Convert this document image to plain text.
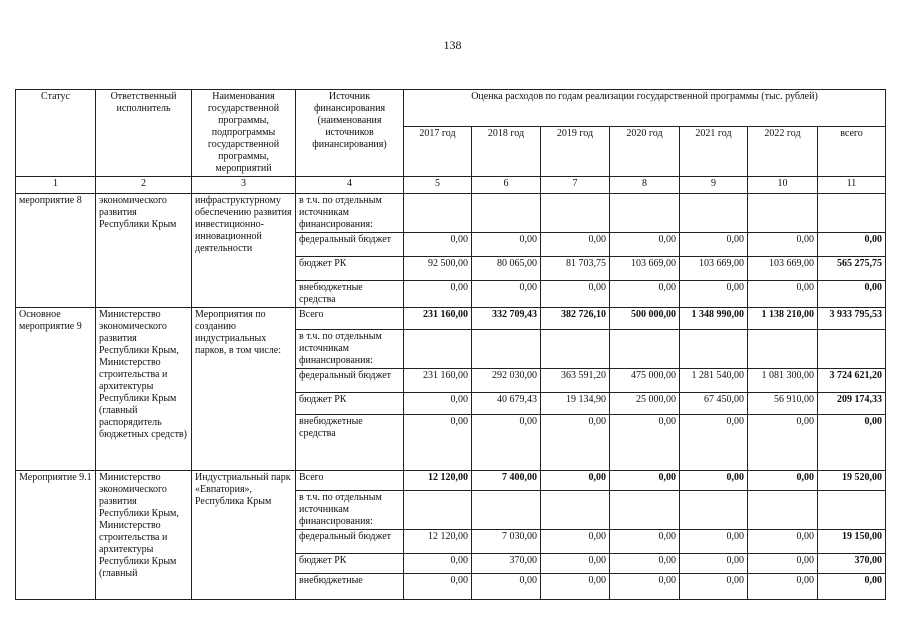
138
Статус	Ответственный исполнитель	Наименования государственной программы, подпрограммы государственной программы, мероприятий	Источник финансирования (наименования источников финансирования)	Оценка расходов по годам реализации государственной программы (тыс. рублей)						
				2017 год	2018 год	2019 год	2020 год	2021 год	2022 год	всего
1	2	3	4	5	6	7	8	9	10	11
мероприятие 8	экономического развития Республики Крым	инфраструктурному обеспечению развития инвестиционно-инновационной деятельности	в т.ч. по отдельным источникам финансирования:							
			федеральный бюджет	0,00	0,00	0,00	0,00	0,00	0,00	0,00
			бюджет РК	92 500,00	80 065,00	81 703,75	103 669,00	103 669,00	103 669,00	565 275,75
			внебюджетные средства	0,00	0,00	0,00	0,00	0,00	0,00	0,00
Основное мероприятие 9	Министерство экономического развития Республики Крым, Министерство строительства и архитектуры Республики Крым (главный распорядитель бюджетных средств)	Мероприятия по созданию индустриальных парков, в том числе:	Всего	231 160,00	332 709,43	382 726,10	500 000,00	1 348 990,00	1 138 210,00	3 933 795,53
			в т.ч. по отдельным источникам финансирования:							
			федеральный бюджет	231 160,00	292 030,00	363 591,20	475 000,00	1 281 540,00	1 081 300,00	3 724 621,20
			бюджет РК	0,00	40 679,43	19 134,90	25 000,00	67 450,00	56 910,00	209 174,33
			внебюджетные средства	0,00	0,00	0,00	0,00	0,00	0,00	0,00
Мероприятие 9.1	Министерство экономического развития Республики Крым, Министерство строительства и архитектуры Республики Крым (главный	Индустриальный парк «Евпатория», Республика Крым	Всего	12 120,00	7 400,00	0,00	0,00	0,00	0,00	19 520,00
			в т.ч. по отдельным источникам финансирования:							
			федеральный бюджет	12 120,00	7 030,00	0,00	0,00	0,00	0,00	19 150,00
			бюджет РК	0,00	370,00	0,00	0,00	0,00	0,00	370,00
			внебюджетные	0,00	0,00	0,00	0,00	0,00	0,00	0,00
